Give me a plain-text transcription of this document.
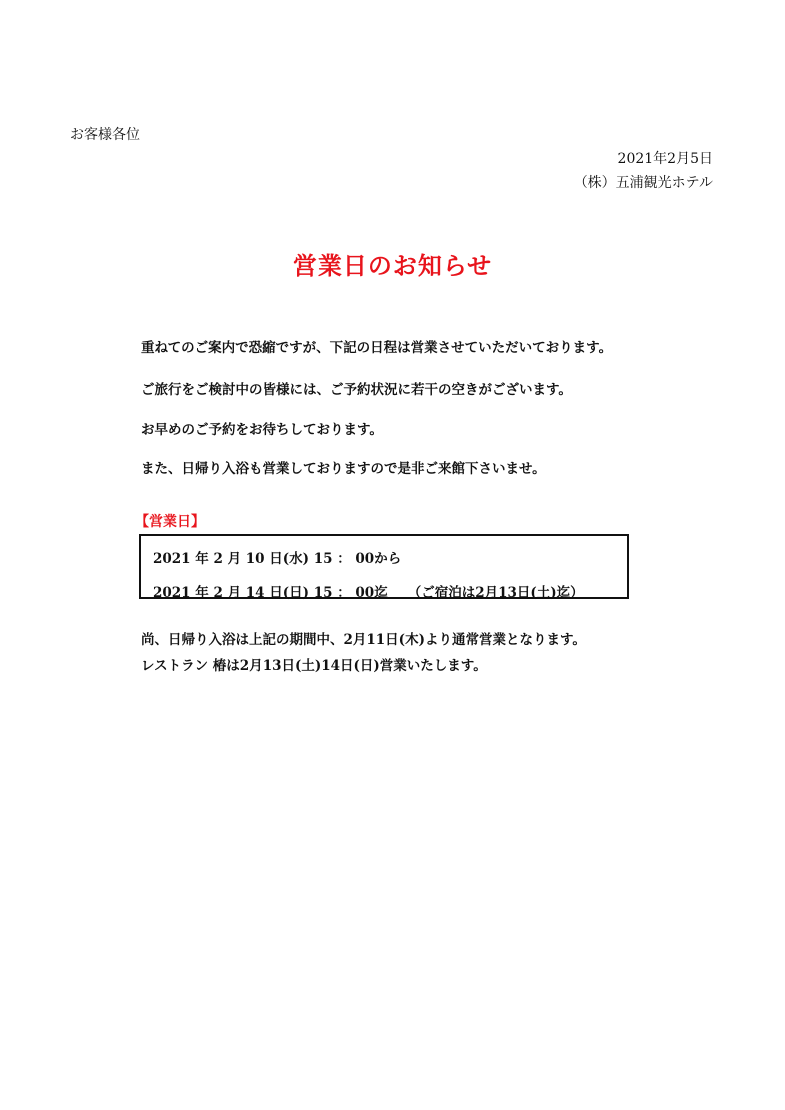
お客様各位
2021年2月5日
（株）五浦観光ホテル
営業日のお知らせ
重ねてのご案内で恐縮ですが、下記の日程は営業させていただいております。
ご旅行をご検討中の皆様には、ご予約状況に若干の空きがございます。
お早めのご予約をお待ちしております。
また、日帰り入浴も営業しておりますので是非ご来館下さいませ。
【営業日】
2021 年 2 月 10 日(水) 15 ： 00から
2021 年 2 月 14 日(日) 15 ： 00迄 （ご宿泊は2月13日(土)迄）
尚、日帰り入浴は上記の期間中、2月11日(木)より通常営業となります。
レストラン 椿は2月13日(土)14日(日)営業いたします。
